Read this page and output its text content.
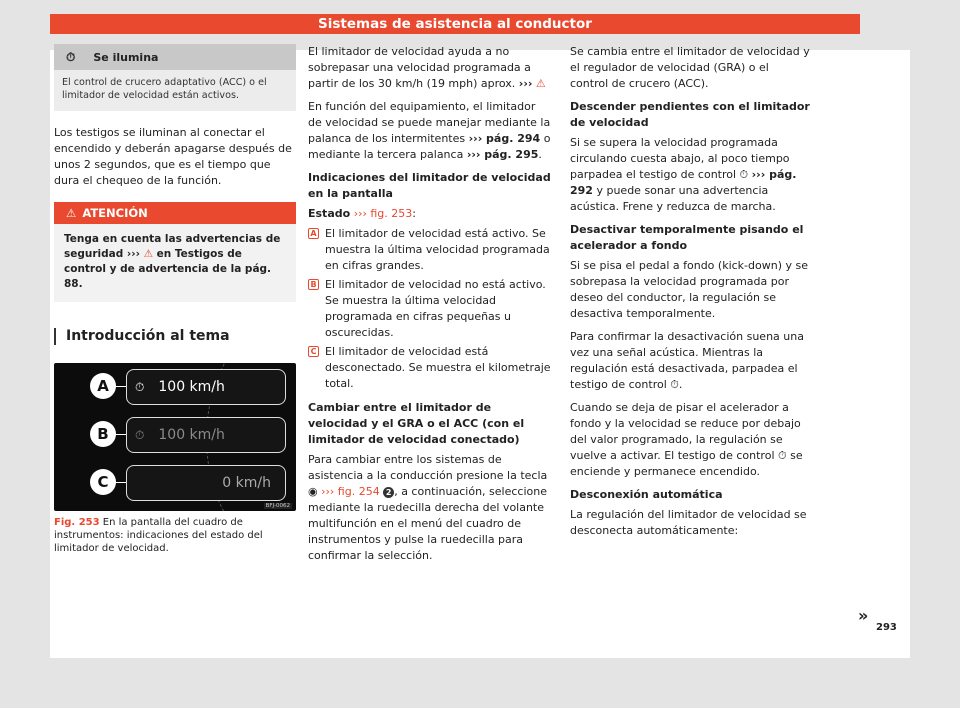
Sistemas de asistencia al conductor
⏱ Se ilumina
El control de crucero adaptativo (ACC) o el limitador de velocidad están activos.

Los testigos se iluminan al conectar el encendido y deberán apagarse después de unos 2 segundos, que es el tiempo que dura el chequeo de la función.

⚠ ATENCIÓN
Tenga en cuenta las advertencias de seguridad ››› ⚠ en Testigos de control y de advertencia de la pág. 88.
Introducción al tema
A	⏱ 100 km/h
B	⏱ 100 km/h
C	0 km/h
BFJ-0062
Fig. 253 En la pantalla del cuadro de instrumentos: indicaciones del estado del limitador de velocidad.

El limitador de velocidad ayuda a no sobrepasar una velocidad programada a partir de los 30 km/h (19 mph) aprox. ››› ⚠

En función del equipamiento, el limitador de velocidad se puede manejar mediante la palanca de los intermitentes ››› pág. 294 o mediante la tercera palanca ››› pág. 295.

Indicaciones del limitador de velocidad en la pantalla

Estado ››› fig. 253:

A El limitador de velocidad está activo. Se muestra la última velocidad programada en cifras grandes.
B El limitador de velocidad no está activo. Se muestra la última velocidad programada en cifras pequeñas u oscurecidas.
C El limitador de velocidad está desconectado. Se muestra el kilometraje total.
Cambiar entre el limitador de velocidad y el GRA o el ACC (con el limitador de velocidad conectado)

Para cambiar entre los sistemas de asistencia a la conducción presione la tecla ◉ ››› fig. 254 2 , a continuación, seleccione mediante la ruedecilla derecha del volante multifunción en el menú del cuadro de instrumentos y pulse la ruedecilla para confirmar la selección.

Se cambia entre el limitador de velocidad y el regulador de velocidad (GRA) o el control de crucero (ACC).

Descender pendientes con el limitador de velocidad

Si se supera la velocidad programada circulando cuesta abajo, al poco tiempo parpadea el testigo de control ⏱ ››› pág. 292 y puede sonar una advertencia acústica. Frene y reduzca de marcha.

Desactivar temporalmente pisando el acelerador a fondo

Si se pisa el pedal a fondo (kick-down) y se sobrepasa la velocidad programada por deseo del conductor, la regulación se desactiva temporalmente.

Para confirmar la desactivación suena una vez una señal acústica. Mientras la regulación está desactivada, parpadea el testigo de control ⏱.

Cuando se deja de pisar el acelerador a fondo y la velocidad se reduce por debajo del valor programado, la regulación se vuelve a activar. El testigo de control ⏱ se enciende y permanece encendido.

Desconexión automática

La regulación del limitador de velocidad se desconecta automáticamente:

»
293
